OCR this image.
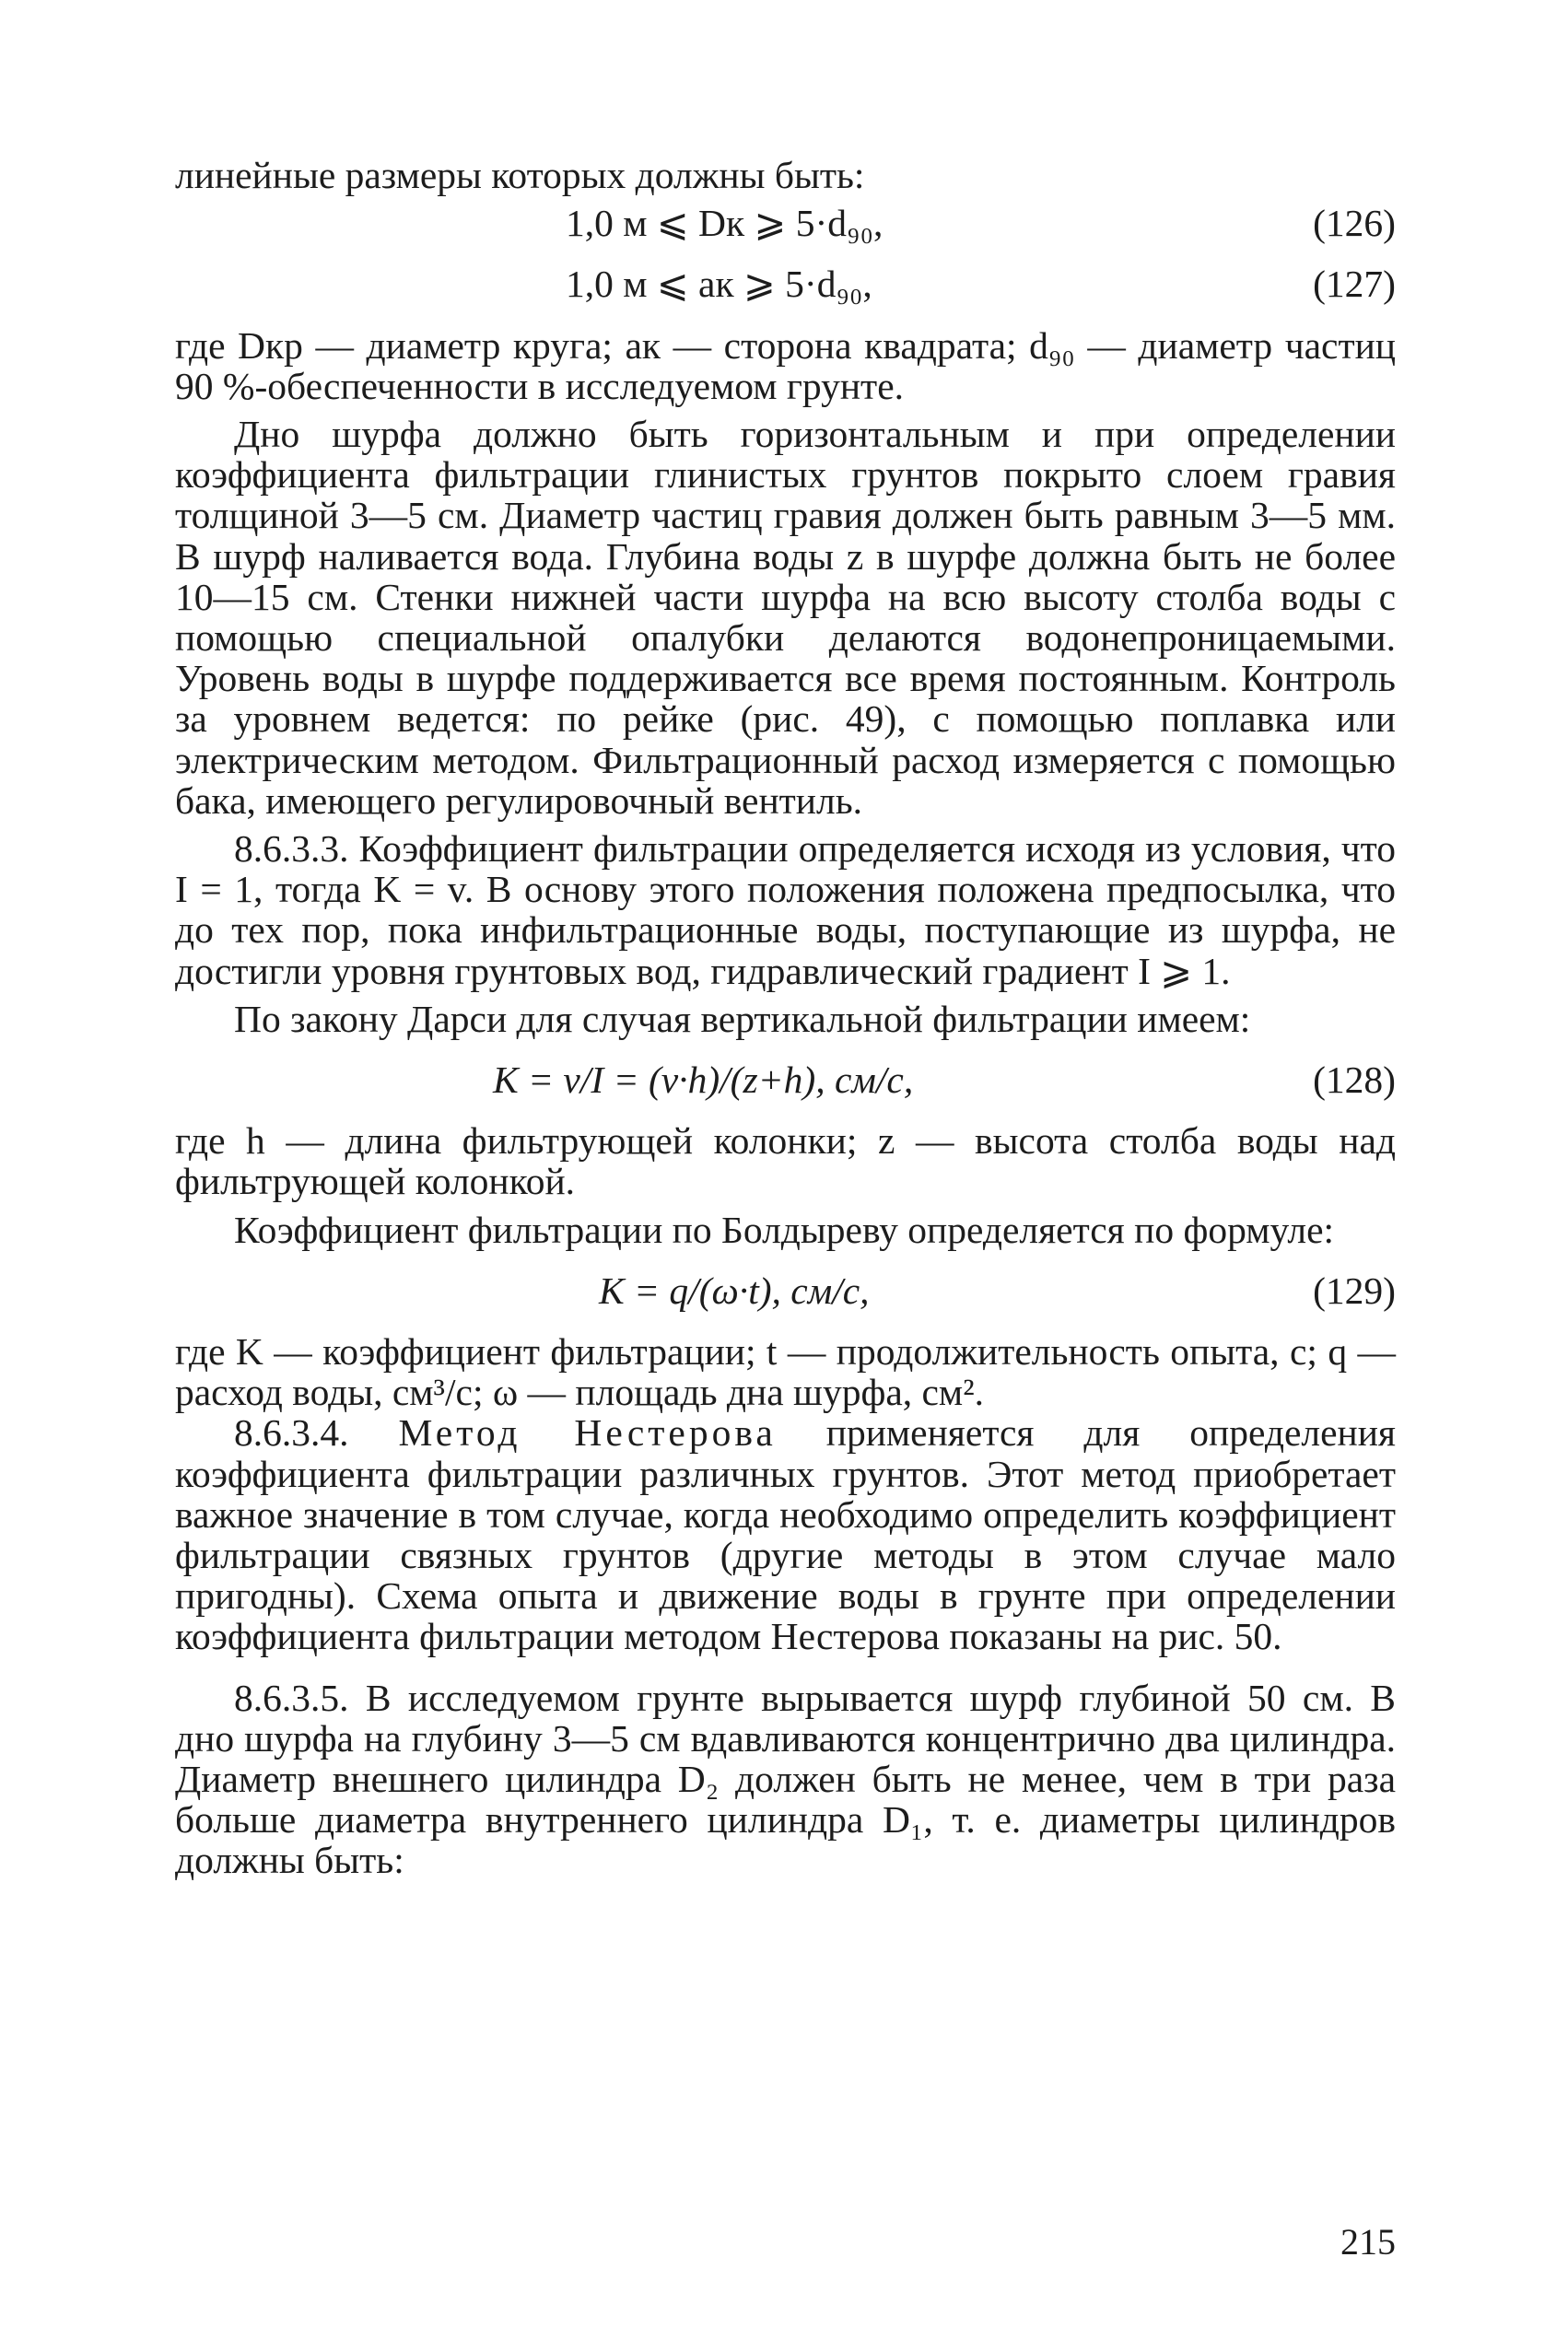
линейные размеры которых должны быть:

1,0 м ⩽ Dк ⩾ 5·d₉₀,	(126)
1,0 м ⩽ aк ⩾ 5·d₉₀,	(127)

где Dкр — диаметр круга; aк — сторона квадрата; d₉₀ — диаметр частиц 90 %-обеспеченности в исследуемом грунте.

Дно шурфа должно быть горизонтальным и при определении коэффициента фильтрации глинистых грунтов покрыто слоем гравия толщиной 3—5 см. Диаметр частиц гравия должен быть равным 3—5 мм. В шурф наливается вода. Глубина воды z в шурфе должна быть не более 10—15 см. Стенки нижней части шурфа на всю высоту столба воды с помощью специальной опалубки делаются водонепроницаемыми. Уровень воды в шурфе поддерживается все время постоянным. Контроль за уровнем ведется: по рейке (рис. 49), с помощью поплавка или электрическим методом. Фильтрационный расход измеряется с помощью бака, имеющего регулировочный вентиль.

8.6.3.3. Коэффициент фильтрации определяется исходя из условия, что I = 1, тогда K = v. В основу этого положения положена предпосылка, что до тех пор, пока инфильтрационные воды, поступающие из шурфа, не достигли уровня грунтовых вод, гидравлический градиент I ⩾ 1.

По закону Дарси для случая вертикальной фильтрации имеем:

K = v/I = (v·h)/(z+h), см/с,	(128)

где h — длина фильтрующей колонки; z — высота столба воды над фильтрующей колонкой.

Коэффициент фильтрации по Болдыреву определяется по формуле:

K = q/(ω·t), см/с,	(129)

где K — коэффициент фильтрации; t — продолжительность опыта, с; q — расход воды, см³/с; ω — площадь дна шурфа, см².

8.6.3.4. Метод Нестерова применяется для определения коэффициента фильтрации различных грунтов. Этот метод приобретает важное значение в том случае, когда необходимо определить коэффициент фильтрации связных грунтов (другие методы в этом случае мало пригодны). Схема опыта и движение воды в грунте при определении коэффициента фильтрации методом Нестерова показаны на рис. 50.

8.6.3.5. В исследуемом грунте вырывается шурф глубиной 50 см. В дно шурфа на глубину 3—5 см вдавливаются концентрично два цилиндра. Диаметр внешнего цилиндра D₂ должен быть не менее, чем в три раза больше диаметра внутреннего цилиндра D₁, т. е. диаметры цилиндров должны быть:

215
